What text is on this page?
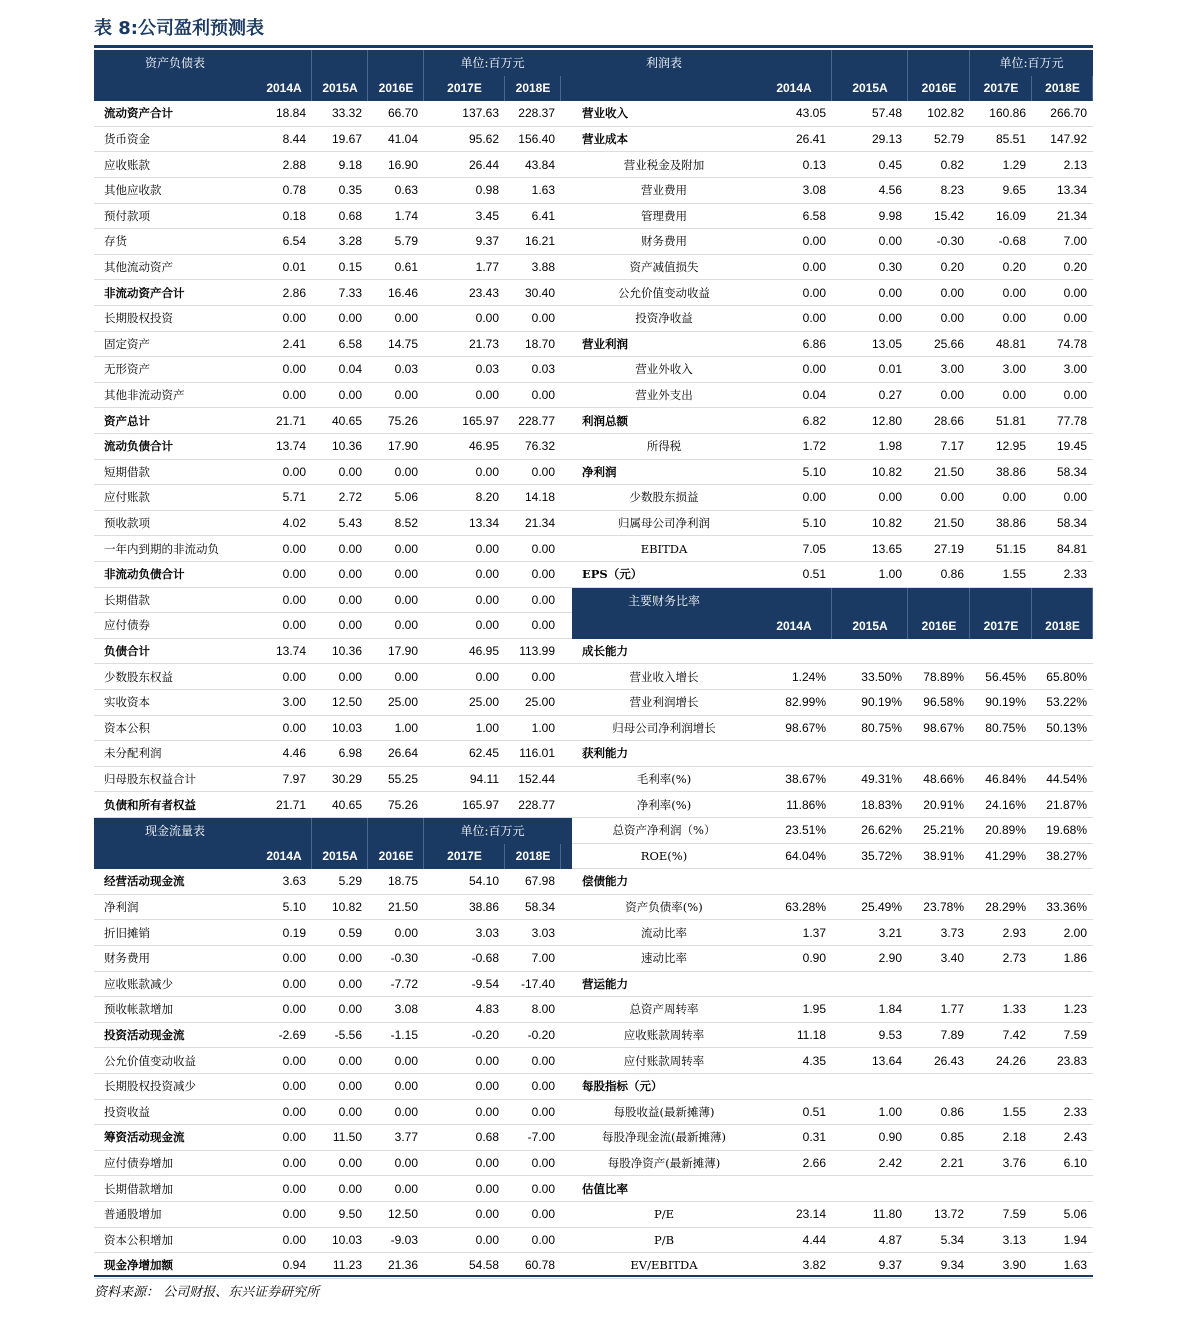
表 8:公司盈利预测表
资产负债表	单位:百万元
2014A	2015A	2016E	2017E	2018E
流动资产合计	18.84	33.32	66.70	137.63	228.37
货币资金	8.44	19.67	41.04	95.62	156.40
应收账款	2.88	9.18	16.90	26.44	43.84
其他应收款	0.78	0.35	0.63	0.98	1.63
预付款项	0.18	0.68	1.74	3.45	6.41
存货	6.54	3.28	5.79	9.37	16.21
其他流动资产	0.01	0.15	0.61	1.77	3.88
非流动资产合计	2.86	7.33	16.46	23.43	30.40
长期股权投资	0.00	0.00	0.00	0.00	0.00
固定资产	2.41	6.58	14.75	21.73	18.70
无形资产	0.00	0.04	0.03	0.03	0.03
其他非流动资产	0.00	0.00	0.00	0.00	0.00
资产总计	21.71	40.65	75.26	165.97	228.77
流动负债合计	13.74	10.36	17.90	46.95	76.32
短期借款	0.00	0.00	0.00	0.00	0.00
应付账款	5.71	2.72	5.06	8.20	14.18
预收款项	4.02	5.43	8.52	13.34	21.34
一年内到期的非流动负	0.00	0.00	0.00	0.00	0.00
非流动负债合计	0.00	0.00	0.00	0.00	0.00
长期借款	0.00	0.00	0.00	0.00	0.00
应付债券	0.00	0.00	0.00	0.00	0.00
负债合计	13.74	10.36	17.90	46.95	113.99
少数股东权益	0.00	0.00	0.00	0.00	0.00
实收资本	3.00	12.50	25.00	25.00	25.00
资本公积	0.00	10.03	1.00	1.00	1.00
未分配利润	4.46	6.98	26.64	62.45	116.01
归母股东权益合计	7.97	30.29	55.25	94.11	152.44
负债和所有者权益	21.71	40.65	75.26	165.97	228.77
现金流量表	单位:百万元
2014A	2015A	2016E	2017E	2018E
经营活动现金流	3.63	5.29	18.75	54.10	67.98
净利润	5.10	10.82	21.50	38.86	58.34
折旧摊销	0.19	0.59	0.00	3.03	3.03
财务费用	0.00	0.00	-0.30	-0.68	7.00
应收账款减少	0.00	0.00	-7.72	-9.54	-17.40
预收帐款增加	0.00	0.00	3.08	4.83	8.00
投资活动现金流	-2.69	-5.56	-1.15	-0.20	-0.20
公允价值变动收益	0.00	0.00	0.00	0.00	0.00
长期股权投资减少	0.00	0.00	0.00	0.00	0.00
投资收益	0.00	0.00	0.00	0.00	0.00
筹资活动现金流	0.00	11.50	3.77	0.68	-7.00
应付债券增加	0.00	0.00	0.00	0.00	0.00
长期借款增加	0.00	0.00	0.00	0.00	0.00
普通股增加	0.00	9.50	12.50	0.00	0.00
资本公积增加	0.00	10.03	-9.03	0.00	0.00
现金净增加额	0.94	11.23	21.36	54.58	60.78
利润表	单位:百万元
2014A	2015A	2016E	2017E	2018E
营业收入	43.05	57.48	102.82	160.86	266.70
营业成本	26.41	29.13	52.79	85.51	147.92
营业税金及附加	0.13	0.45	0.82	1.29	2.13
营业费用	3.08	4.56	8.23	9.65	13.34
管理费用	6.58	9.98	15.42	16.09	21.34
财务费用	0.00	0.00	-0.30	-0.68	7.00
资产减值损失	0.00	0.30	0.20	0.20	0.20
公允价值变动收益	0.00	0.00	0.00	0.00	0.00
投资净收益	0.00	0.00	0.00	0.00	0.00
营业利润	6.86	13.05	25.66	48.81	74.78
营业外收入	0.00	0.01	3.00	3.00	3.00
营业外支出	0.04	0.27	0.00	0.00	0.00
利润总额	6.82	12.80	28.66	51.81	77.78
所得税	1.72	1.98	7.17	12.95	19.45
净利润	5.10	10.82	21.50	38.86	58.34
少数股东损益	0.00	0.00	0.00	0.00	0.00
归属母公司净利润	5.10	10.82	21.50	38.86	58.34
EBITDA	7.05	13.65	27.19	51.15	84.81
EPS（元）	0.51	1.00	0.86	1.55	2.33
主要财务比率
2014A	2015A	2016E	2017E	2018E
成长能力
营业收入增长	1.24%	33.50%	78.89%	56.45%	65.80%
营业利润增长	82.99%	90.19%	96.58%	90.19%	53.22%
归母公司净利润增长	98.67%	80.75%	98.67%	80.75%	50.13%
获利能力
毛利率(%)	38.67%	49.31%	48.66%	46.84%	44.54%
净利率(%)	11.86%	18.83%	20.91%	24.16%	21.87%
总资产净利润（%）	23.51%	26.62%	25.21%	20.89%	19.68%
ROE(%)	64.04%	35.72%	38.91%	41.29%	38.27%
偿债能力
资产负债率(%)	63.28%	25.49%	23.78%	28.29%	33.36%
流动比率	1.37	3.21	3.73	2.93	2.00
速动比率	0.90	2.90	3.40	2.73	1.86
营运能力
总资产周转率	1.95	1.84	1.77	1.33	1.23
应收账款周转率	11.18	9.53	7.89	7.42	7.59
应付账款周转率	4.35	13.64	26.43	24.26	23.83
每股指标（元）
每股收益(最新摊薄)	0.51	1.00	0.86	1.55	2.33
每股净现金流(最新摊薄)	0.31	0.90	0.85	2.18	2.43
每股净资产(最新摊薄)	2.66	2.42	2.21	3.76	6.10
估值比率
P/E	23.14	11.80	13.72	7.59	5.06
P/B	4.44	4.87	5.34	3.13	1.94
EV/EBITDA	3.82	9.37	9.34	3.90	1.63
资料来源： 公司财报、东兴证券研究所
